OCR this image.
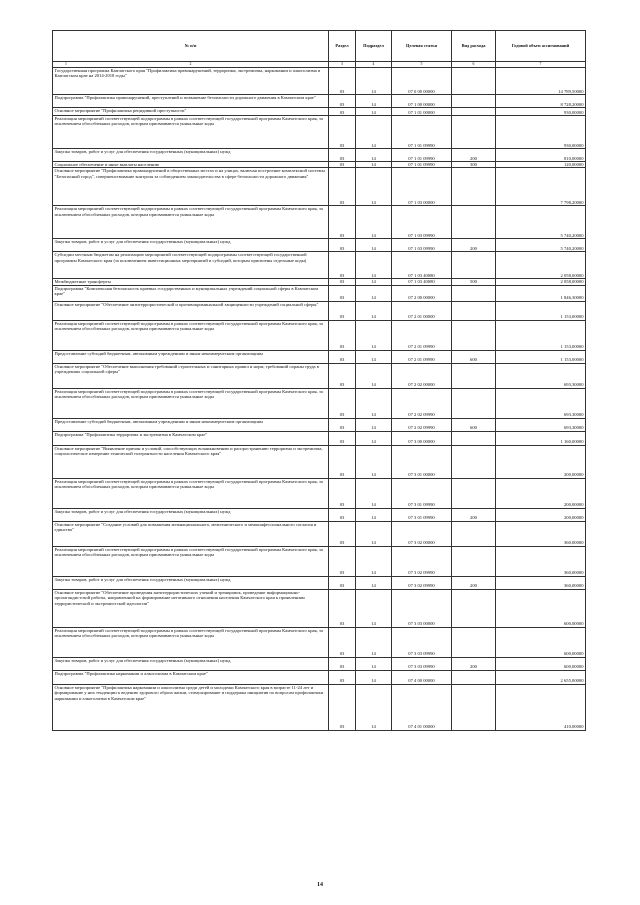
№ п/п	Раздел	Подраздел	Целевая статья	Вид расхода	Годовой объем ассигнований

1 2	3	4	5	6	7
Государственная программа Камчатского края "Профилактика правонарушений, терроризма, экстремизма, наркомании и алкоголизма в Камчатском крае на 2014-2018 годы"	03	14	07 0 00 00000		14 789,50000
Подпрограмма "Профилактика правонарушений, преступлений и повышение безопасности дорожного движения в Камчатском крае"	03	14	07 1 00 00000		8 728,20000
Основное мероприятие "Профилактика рецидивной преступности"	03	14	07 1 01 00000		930,00000
Реализация мероприятий соответствующей подпрограммы в рамках соответствующей государственной программы Камчатского края, за исключением обособленных расходов, которым присваиваются уникальные коды	03	14	07 1 01 09990		930,00000
Закупка товаров, работ и услуг для обеспечения государственных (муниципальных) нужд	03	14	07 1 01 09990	200	810,00000
Социальное обеспечение и иные выплаты населению	03	14	07 1 01 09990	300	120,00000
Основное мероприятие "Профилактика правонарушений в общественных местах и на улицах, включая построение комплексной системы "Безопасный город", совершенствование контроля за соблюдением законодательства в сфере безопасности дорожного движения"	03	14	07 1 03 00000		7 798,20000
Реализация мероприятий соответствующей подпрограммы в рамках соответствующей государственной программы Камчатского края, за исключением обособленных расходов, которым присваиваются уникальные коды	03	14	07 1 03 09990		5 740,20000
Закупка товаров, работ и услуг для обеспечения государственных (муниципальных) нужд	03	14	07 1 03 09990	200	5 740,20000
Субсидии местным бюджетам на реализацию мероприятий соответствующей подпрограммы соответствующей государственной программы Камчатского края (за исключением инвестиционных мероприятий и субсидий, которым присвоены отдельные коды)	03	14	07 1 03 40080		2 058,00000
Межбюджетные трансферты	03	14	07 1 03 40080	500	2 058,00000
Подпрограмма "Комплексная безопасность краевых государственных и муниципальных учреждений социальной сферы в Камчатском крае"	03	14	07 2 00 00000		1 846,30000
Основное мероприятие "Обеспечение антитеррористической и противокриминальной защищенности учреждений социальной сферы"	03	14	07 2 01 00000		1 153,00000
Реализация мероприятий соответствующей подпрограммы в рамках соответствующей государственной программы Камчатского края, за исключением обособленных расходов, которым присваиваются уникальные коды	03	14	07 2 01 09990		1 153,00000
Предоставление субсидий бюджетным, автономным учреждениям и иным некоммерческим организациям	03	14	07 2 01 09990	600	1 153,00000
Основное мероприятие "Обеспечение выполнения требований строительных и санитарных правил и норм, требований охраны труда в учреждениях социальной сферы"	03	14	07 2 02 00000		693,30000
Реализация мероприятий соответствующей подпрограммы в рамках соответствующей государственной программы Камчатского края, за исключением обособленных расходов, которым присваиваются уникальные коды	03	14	07 2 02 09990		693,30000
Предоставление субсидий бюджетным, автономным учреждениям и иным некоммерческим организациям	03	14	07 2 02 09990	600	693,30000
Подпрограмма "Профилактика терроризма и экстремизма в Камчатском крае"	03	14	07 3 00 00000		1 160,00000
Основное мероприятие "Выявление причин и условий, способствующих возникновению и распространению терроризма и экстремизма, социологическое измерение этнической толерантности населения Камчатского края"	03	14	07 3 01 00000		200,00000
Реализация мероприятий соответствующей подпрограммы в рамках соответствующей государственной программы Камчатского края, за исключением обособленных расходов, которым присваиваются уникальные коды	03	14	07 3 01 09990		200,00000
Закупка товаров, работ и услуг для обеспечения государственных (муниципальных) нужд	03	14	07 3 01 09990	200	200,00000
Основное мероприятие "Создание условий для повышения межнационального, межэтнического и межконфессионального согласия и единства"	03	14	07 3 02 00000		360,00000
Реализация мероприятий соответствующей подпрограммы в рамках соответствующей государственной программы Камчатского края, за исключением обособленных расходов, которым присваиваются уникальные коды	03	14	07 3 02 09990		360,00000
Закупка товаров, работ и услуг для обеспечения государственных (муниципальных) нужд	03	14	07 3 02 09990	200	360,00000
Основное мероприятие "Обеспечение проведения антитеррористических учений и тренировок, проведение информационно-пропагандистской работы, направленной на формирование негативного отношения населения Камчатского края к проявлениям террористической и экстремистской идеологии"	03	14	07 3 03 00000		600,00000
Реализация мероприятий соответствующей подпрограммы в рамках соответствующей государственной программы Камчатского края, за исключением обособленных расходов, которым присваиваются уникальные коды	03	14	07 3 03 09990		600,00000
Закупка товаров, работ и услуг для обеспечения государственных (муниципальных) нужд	03	14	07 3 03 09990	200	600,00000
Подпрограмма "Профилактика наркомании и алкоголизма в Камчатском крае"	03	14	07 4 00 00000		2 655,00000
Основное мероприятие "Профилактика наркомании и алкоголизма среди детей и молодежи Камчатского края в возрасте 11-24 лет и формирование у них тенденции к ведению здорового образа жизни, стимулирование и поддержка инициатив по вопросам профилактики наркомании и алкоголизма в Камчатском крае"	03	14	07 4 01 00000		410,00000
14
